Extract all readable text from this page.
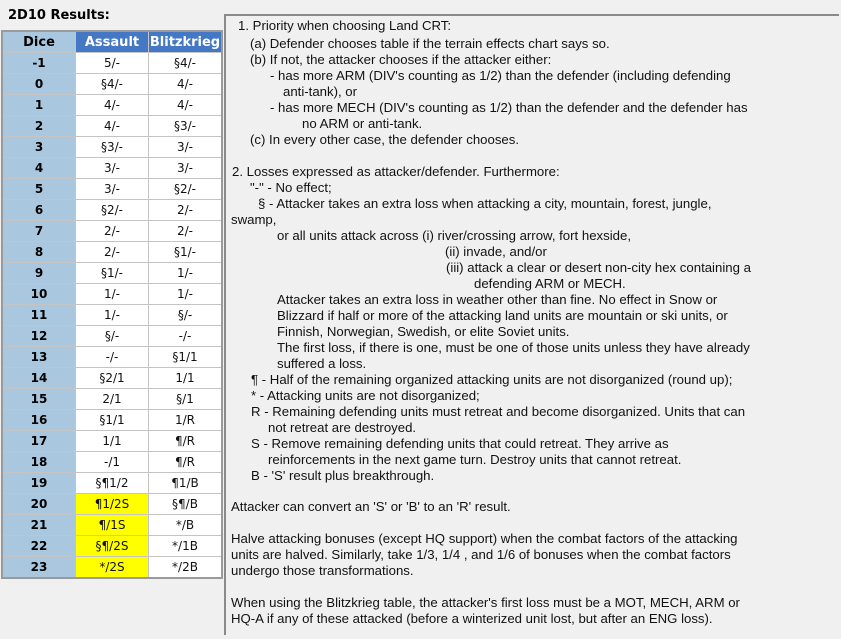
2D10 Results:
Dice	Assault	Blitzkrieg
-1	5/-	§4/-
0	§4/-	4/-
1	4/-	4/-
2	4/-	§3/-
3	§3/-	3/-
4	3/-	3/-
5	3/-	§2/-
6	§2/-	2/-
7	2/-	2/-
8	2/-	§1/-
9	§1/-	1/-
10	1/-	1/-
11	1/-	§/-
12	§/-	-/-
13	-/-	§1/1
14	§2/1	1/1
15	2/1	§/1
16	§1/1	1/R
17	1/1	¶/R
18	-/1	¶/R
19	§¶1/2	¶1/B
20	¶1/2S	§¶/B
21	¶/1S	*/B
22	§¶/2S	*/1B
23	*/2S	*/2B
1. Priority when choosing Land CRT:
(a) Defender chooses table if the terrain effects chart says so.
(b) If not, the attacker chooses if the attacker either:
- has more ARM (DIV's counting as 1/2) than the defender (including defending
anti-tank), or
- has more MECH (DIV's counting as 1/2) than the defender and the defender has
no ARM or anti-tank.
(c) In every other case, the defender chooses.
2. Losses expressed as attacker/defender. Furthermore:
"-" - No effect;
§ - Attacker takes an extra loss when attacking a city, mountain, forest, jungle,
swamp,
or all units attack across (i) river/crossing arrow, fort hexside,
(ii) invade, and/or
(iii) attack a clear or desert non-city hex containing a
defending ARM or MECH.
Attacker takes an extra loss in weather other than fine. No effect in Snow or
Blizzard if half or more of the attacking land units are mountain or ski units, or
Finnish, Norwegian, Swedish, or elite Soviet units.
The first loss, if there is one, must be one of those units unless they have already
suffered a loss.
¶ - Half of the remaining organized attacking units are not disorganized (round up);
* - Attacking units are not disorganized;
R - Remaining defending units must retreat and become disorganized. Units that can
not retreat are destroyed.
S - Remove remaining defending units that could retreat. They arrive as
reinforcements in the next game turn. Destroy units that cannot retreat.
B - 'S' result plus breakthrough.
Attacker can convert an 'S' or 'B' to an 'R' result.
Halve attacking bonuses (except HQ support) when the combat factors of the attacking
units are halved. Similarly, take 1/3, 1/4 , and 1/6 of bonuses when the combat factors
undergo those transformations.
When using the Blitzkrieg table, the attacker's first loss must be a MOT, MECH, ARM or
HQ-A if any of these attacked (before a winterized unit lost, but after an ENG loss).
